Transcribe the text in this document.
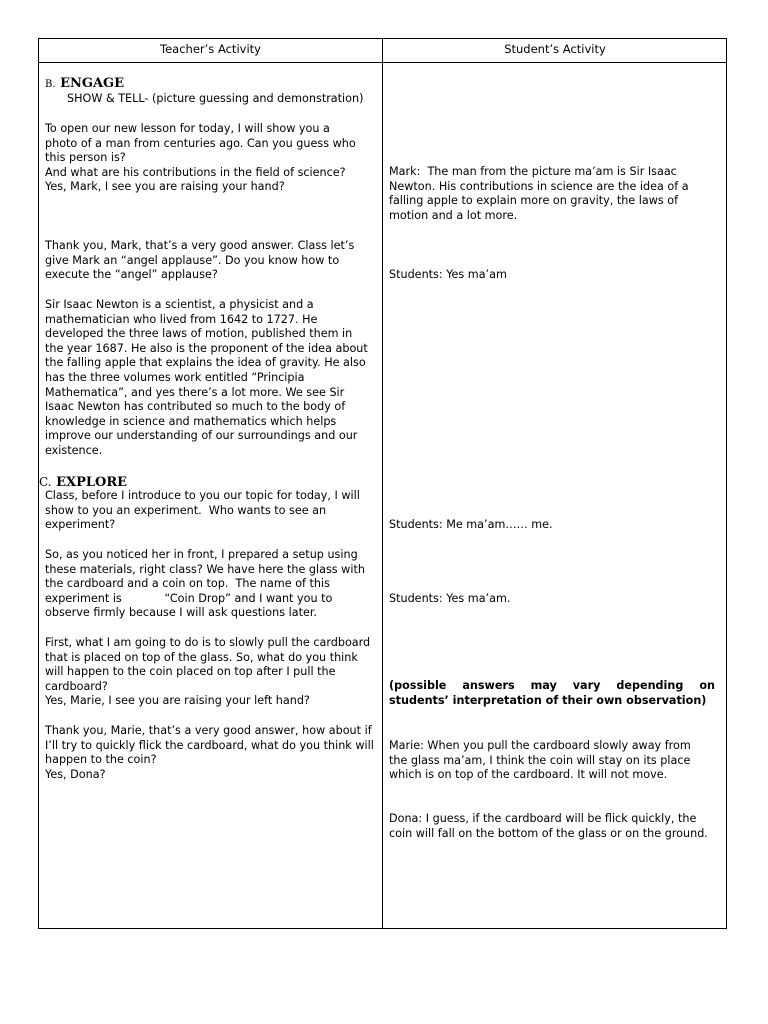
Teacher’s Activity	Student’s Activity
B. ENGAGE
SHOW & TELL- (picture guessing and demonstration)
To open our new lesson for today, I will show you a
photo of a man from centuries ago. Can you guess who
this person is?
And what are his contributions in the field of science?
Yes, Mark, I see you are raising your hand?
Thank you, Mark, that’s a very good answer. Class let’s
give Mark an “angel applause”. Do you know how to
execute the “angel” applause?
Sir Isaac Newton is a scientist, a physicist and a
mathematician who lived from 1642 to 1727. He
developed the three laws of motion, published them in
the year 1687. He also is the proponent of the idea about
the falling apple that explains the idea of gravity. He also
has the three volumes work entitled “Principia
Mathematica”, and yes there’s a lot more. We see Sir
Isaac Newton has contributed so much to the body of
knowledge in science and mathematics which helps
improve our understanding of our surroundings and our
existence.
C. EXPLORE
Class, before I introduce to you our topic for today, I will
show to you an experiment.  Who wants to see an
experiment?
So, as you noticed her in front, I prepared a setup using
these materials, right class? We have here the glass with
the cardboard and a coin on top.  The name of this
experiment is            “Coin Drop” and I want you to
observe firmly because I will ask questions later.
First, what I am going to do is to slowly pull the cardboard
that is placed on top of the glass. So, what do you think
will happen to the coin placed on top after I pull the
cardboard?
Yes, Marie, I see you are raising your left hand?
Thank you, Marie, that’s a very good answer, how about if
I’ll try to quickly flick the cardboard, what do you think will
happen to the coin?
Yes, Dona?
Mark:  The man from the picture ma’am is Sir Isaac
Newton. His contributions in science are the idea of a
falling apple to explain more on gravity, the laws of
motion and a lot more.
Students: Yes ma’am
Students: Me ma’am…… me.
Students: Yes ma’am.
(possible answers may vary depending on students’ interpretation of their own observation)
Marie: When you pull the cardboard slowly away from
the glass ma’am, I think the coin will stay on its place
which is on top of the cardboard. It will not move.
Dona: I guess, if the cardboard will be flick quickly, the
coin will fall on the bottom of the glass or on the ground.
